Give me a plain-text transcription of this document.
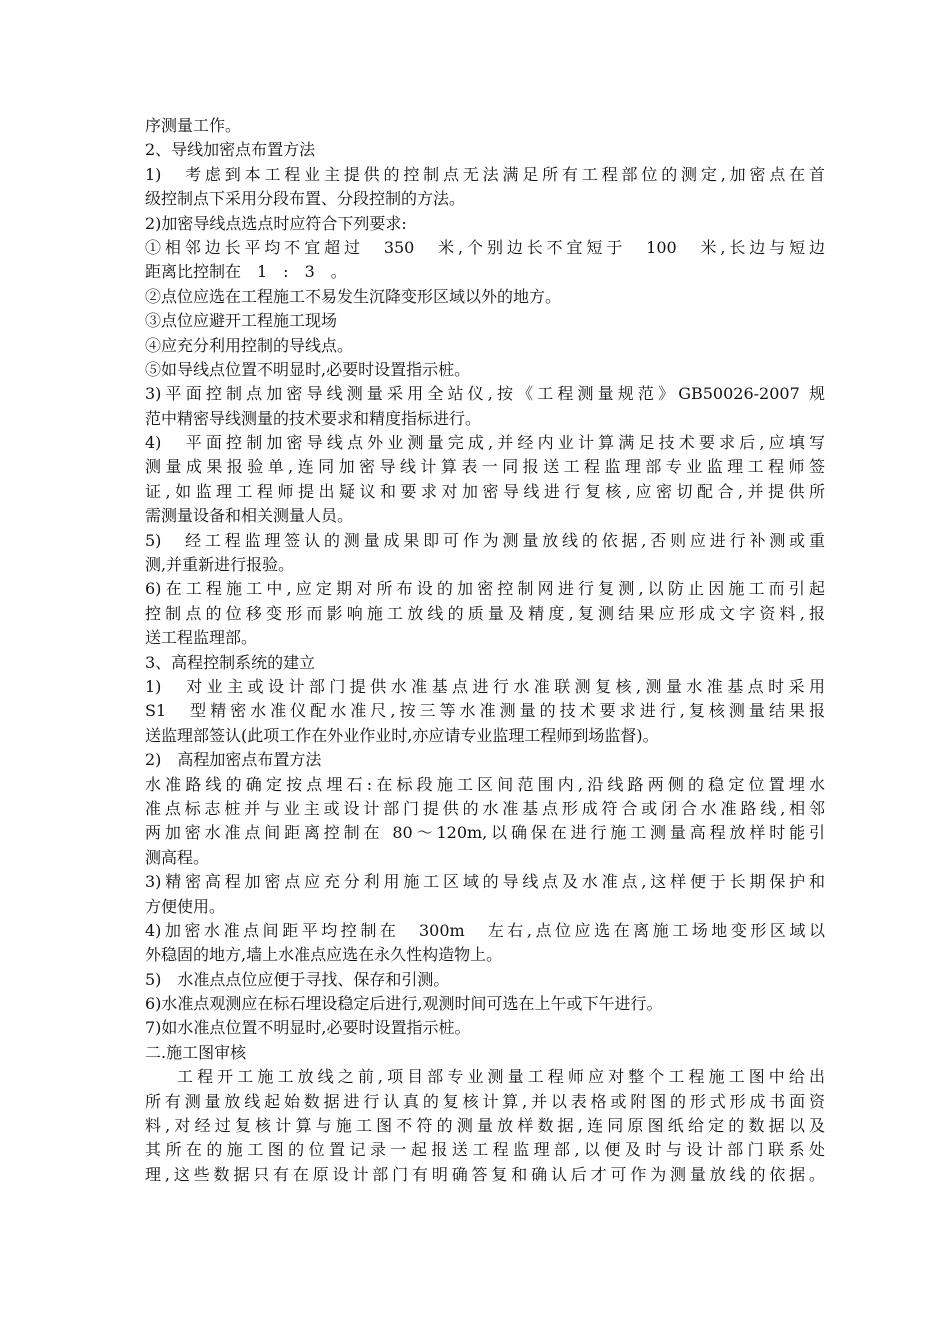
序测量工作。
2、导线加密点布置方法
1)　考虑到本工程业主提供的控制点无法满足所有工程部位的测定,加密点在首
级控制点下采用分段布置、分段控制的方法。
2)加密导线点选点时应符合下列要求:
①相邻边长平均不宜超过　350　米,个别边长不宜短于　100　米,长边与短边
距离比控制在　1　:　3　。
②点位应选在工程施工不易发生沉降变形区域以外的地方。
③点位应避开工程施工现场
④应充分利用控制的导线点。
⑤如导线点位置不明显时,必要时设置指示桩。
3)平面控制点加密导线测量采用全站仪,按《工程测量规范》GB50026-2007 规
范中精密导线测量的技术要求和精度指标进行。
4)　平面控制加密导线点外业测量完成,并经内业计算满足技术要求后,应填写
测量成果报验单,连同加密导线计算表一同报送工程监理部专业监理工程师签
证,如监理工程师提出疑议和要求对加密导线进行复核,应密切配合,并提供所
需测量设备和相关测量人员。
5)　经工程监理签认的测量成果即可作为测量放线的依据,否则应进行补测或重
测,并重新进行报验。
6)在工程施工中,应定期对所布设的加密控制网进行复测,以防止因施工而引起
控制点的位移变形而影响施工放线的质量及精度,复测结果应形成文字资料,报
送工程监理部。
3、高程控制系统的建立
1)　对业主或设计部门提供水准基点进行水准联测复核,测量水准基点时采用
S1　型精密水准仪配水准尺,按三等水准测量的技术要求进行,复核测量结果报
送监理部签认(此项工作在外业作业时,亦应请专业监理工程师到场监督)。
2)　高程加密点布置方法
水准路线的确定按点埋石:在标段施工区间范围内,沿线路两侧的稳定位置埋水
准点标志桩并与业主或设计部门提供的水准基点形成符合或闭合水准路线,相邻
两加密水准点间距离控制在 80～120m,以确保在进行施工测量高程放样时能引
测高程。
3)精密高程加密点应充分利用施工区域的导线点及水准点,这样便于长期保护和
方便使用。
4)加密水准点间距平均控制在　300m　左右,点位应选在离施工场地变形区域以
外稳固的地方,墙上水准点应选在永久性构造物上。
5)　水准点点位应便于寻找、保存和引测。
6)水准点观测应在标石埋设稳定后进行,观测时间可选在上午或下午进行。
7)如水准点位置不明显时,必要时设置指示桩。
二.施工图审核
工程开工施工放线之前,项目部专业测量工程师应对整个工程施工图中给出
所有测量放线起始数据进行认真的复核计算,并以表格或附图的形式形成书面资
料,对经过复核计算与施工图不符的测量放样数据,连同原图纸给定的数据以及
其所在的施工图的位置记录一起报送工程监理部,以便及时与设计部门联系处
理,这些数据只有在原设计部门有明确答复和确认后才可作为测量放线的依据。
